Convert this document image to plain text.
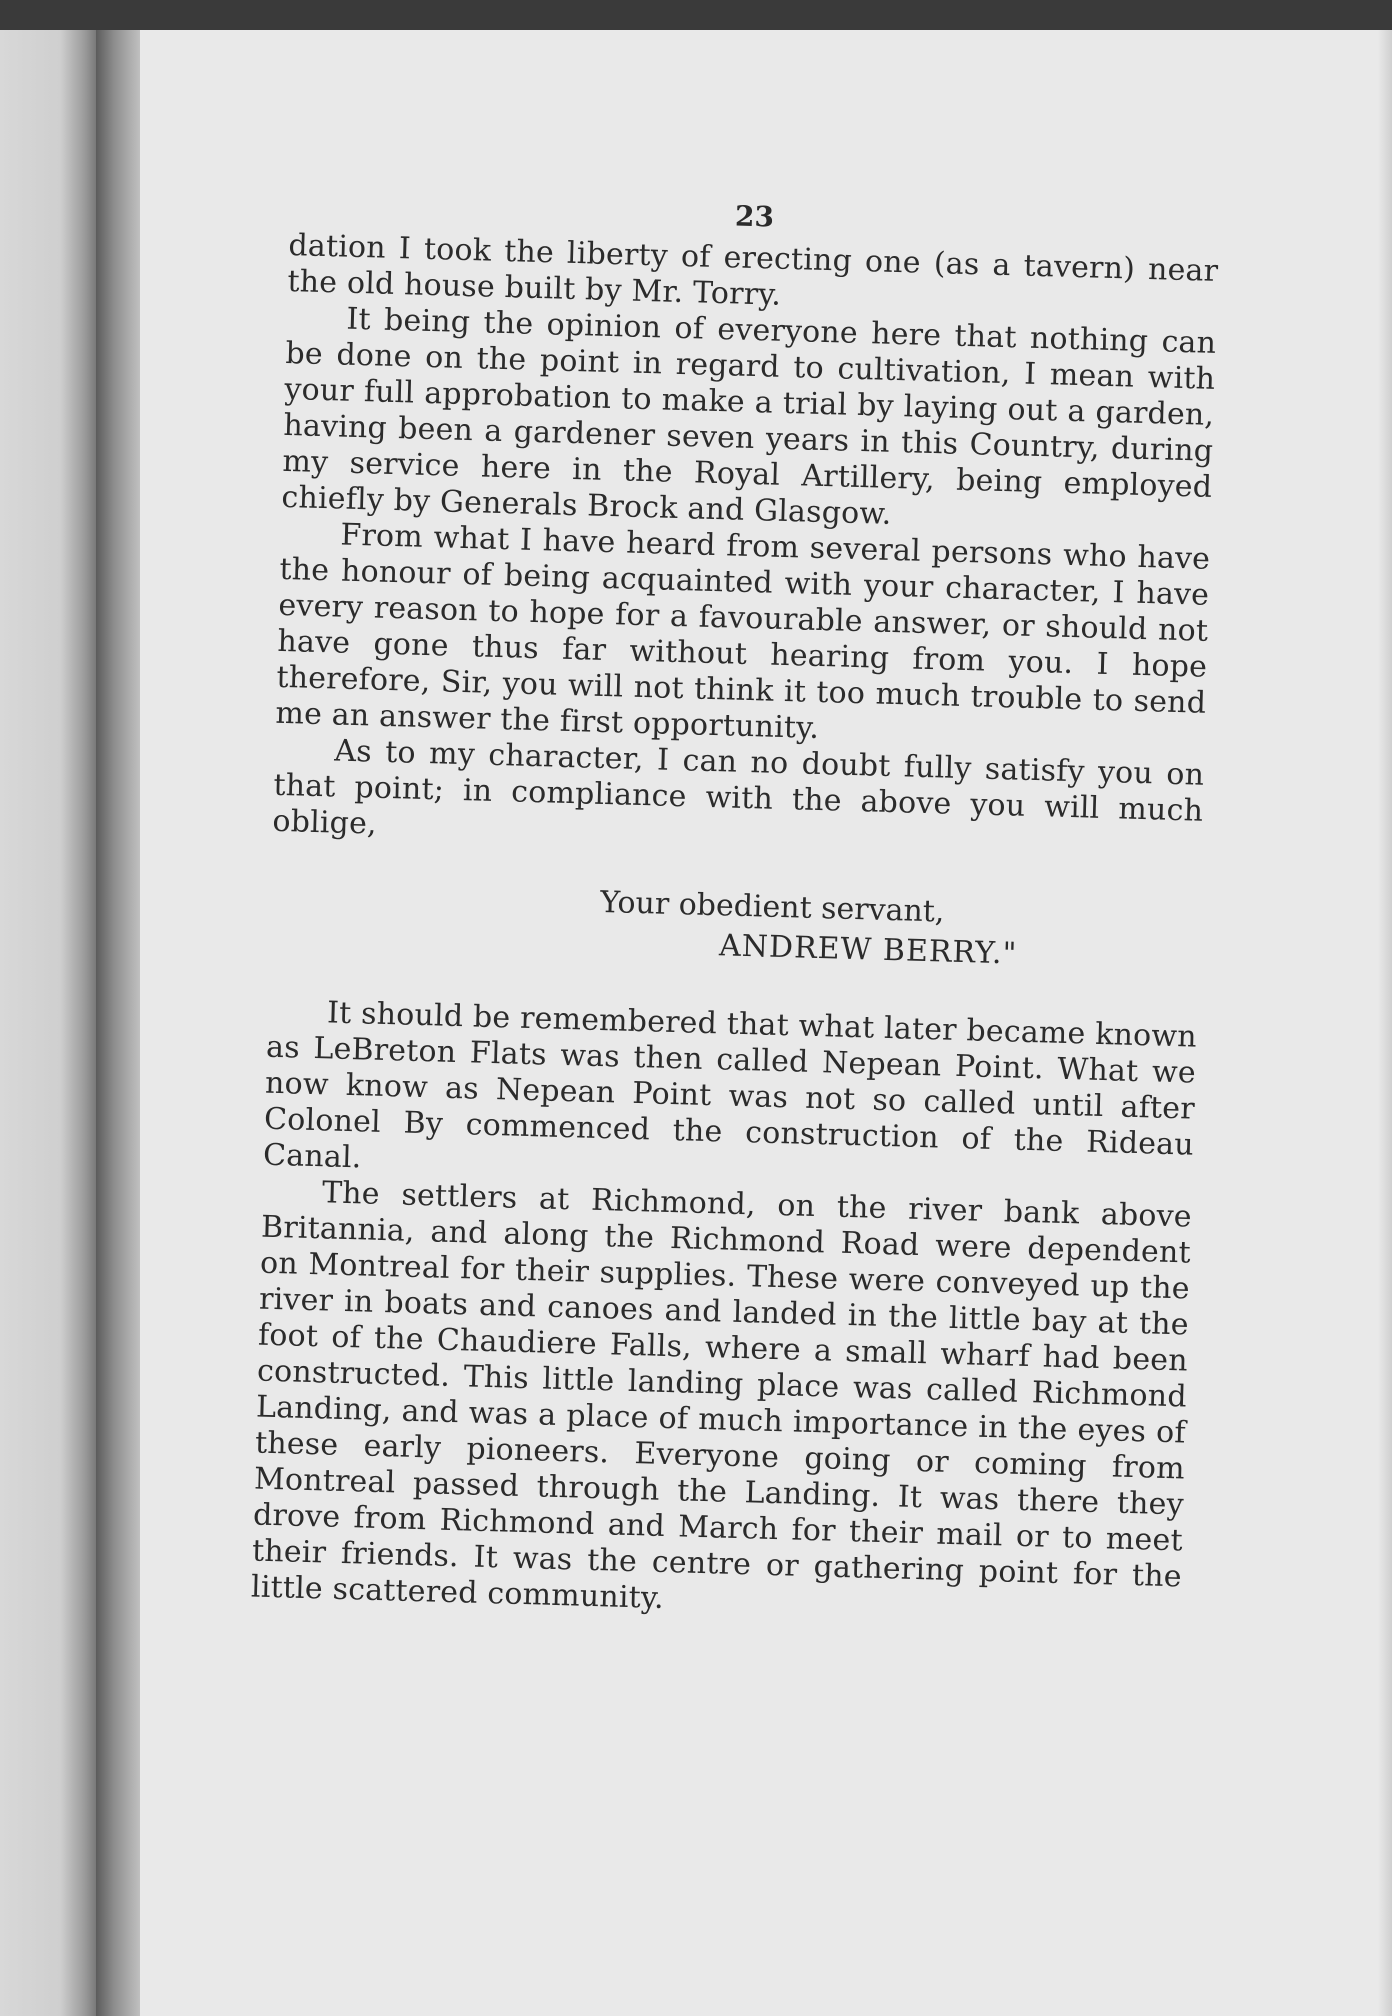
23

dation I took the liberty of erecting one (as a tavern) near the old house built by Mr. Torry.

It being the opinion of everyone here that nothing can be done on the point in regard to cultivation, I mean with your full approbation to make a trial by laying out a garden, having been a gardener seven years in this Country, during my service here in the Royal Artillery, being employed chiefly by Generals Brock and Glasgow.

From what I have heard from several persons who have the honour of being acquainted with your character, I have every reason to hope for a favourable answer, or should not have gone thus far without hearing from you. I hope therefore, Sir, you will not think it too much trouble to send me an answer the first opportunity.

As to my character, I can no doubt fully satisfy you on that point; in compliance with the above you will much oblige,

Your obedient servant,
ANDREW BERRY."

It should be remembered that what later became known as LeBreton Flats was then called Nepean Point. What we now know as Nepean Point was not so called until after Colonel By commenced the construction of the Rideau Canal.

The settlers at Richmond, on the river bank above Britannia, and along the Richmond Road were dependent on Montreal for their supplies. These were conveyed up the river in boats and canoes and landed in the little bay at the foot of the Chaudiere Falls, where a small wharf had been constructed. This little landing place was called Richmond Landing, and was a place of much importance in the eyes of these early pioneers. Everyone going or coming from Montreal passed through the Landing. It was there they drove from Richmond and March for their mail or to meet their friends. It was the centre or gathering point for the little scattered community.
